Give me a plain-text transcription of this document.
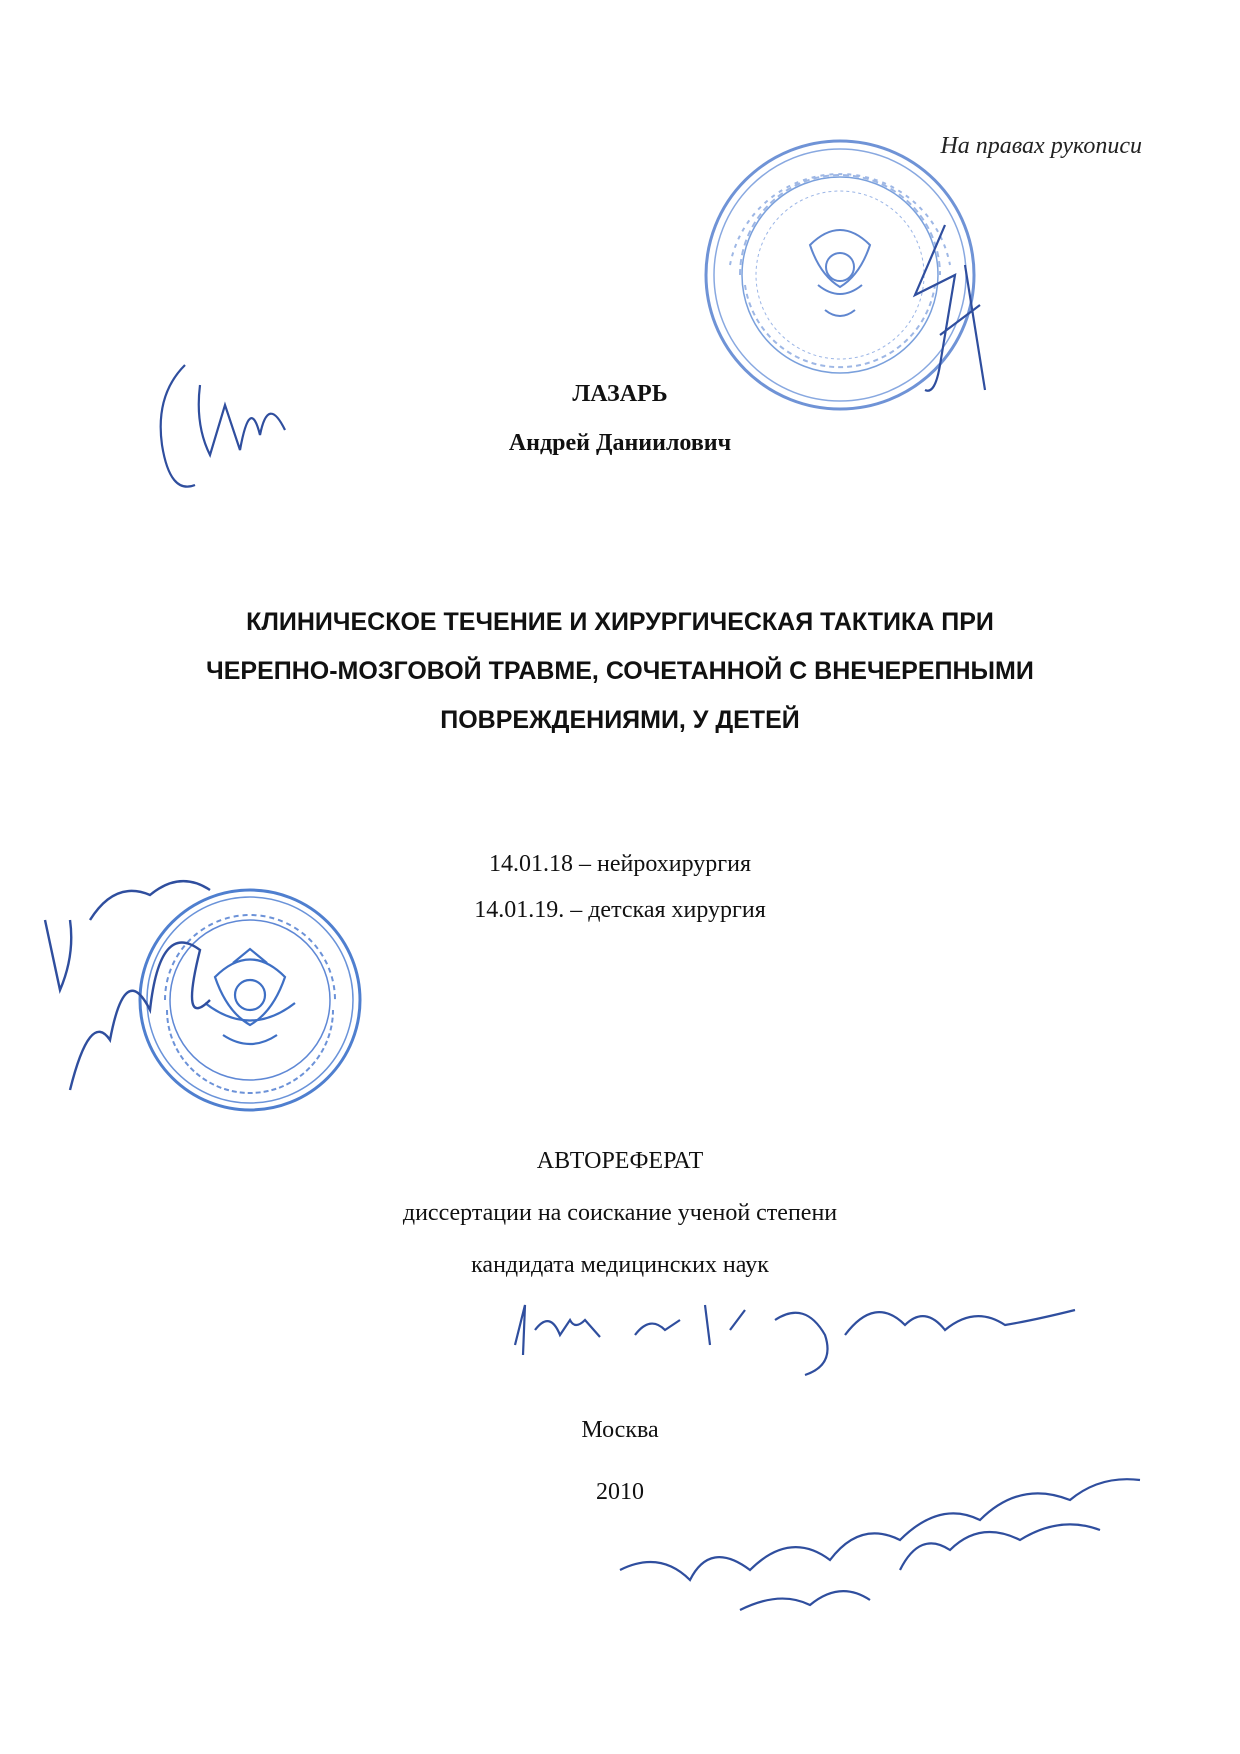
На правах рукописи
ЛАЗАРЬ
Андрей Даниилович
КЛИНИЧЕСКОЕ ТЕЧЕНИЕ И ХИРУРГИЧЕСКАЯ ТАКТИКА ПРИ
ЧЕРЕПНО-МОЗГОВОЙ ТРАВМЕ, СОЧЕТАННОЙ С ВНЕЧЕРЕПНЫМИ
ПОВРЕЖДЕНИЯМИ, У ДЕТЕЙ
14.01.18 – нейрохирургия
14.01.19. – детская хирургия
АВТОРЕФЕРАТ
диссертации на соискание ученой степени
кандидата медицинских наук
Москва
2010
